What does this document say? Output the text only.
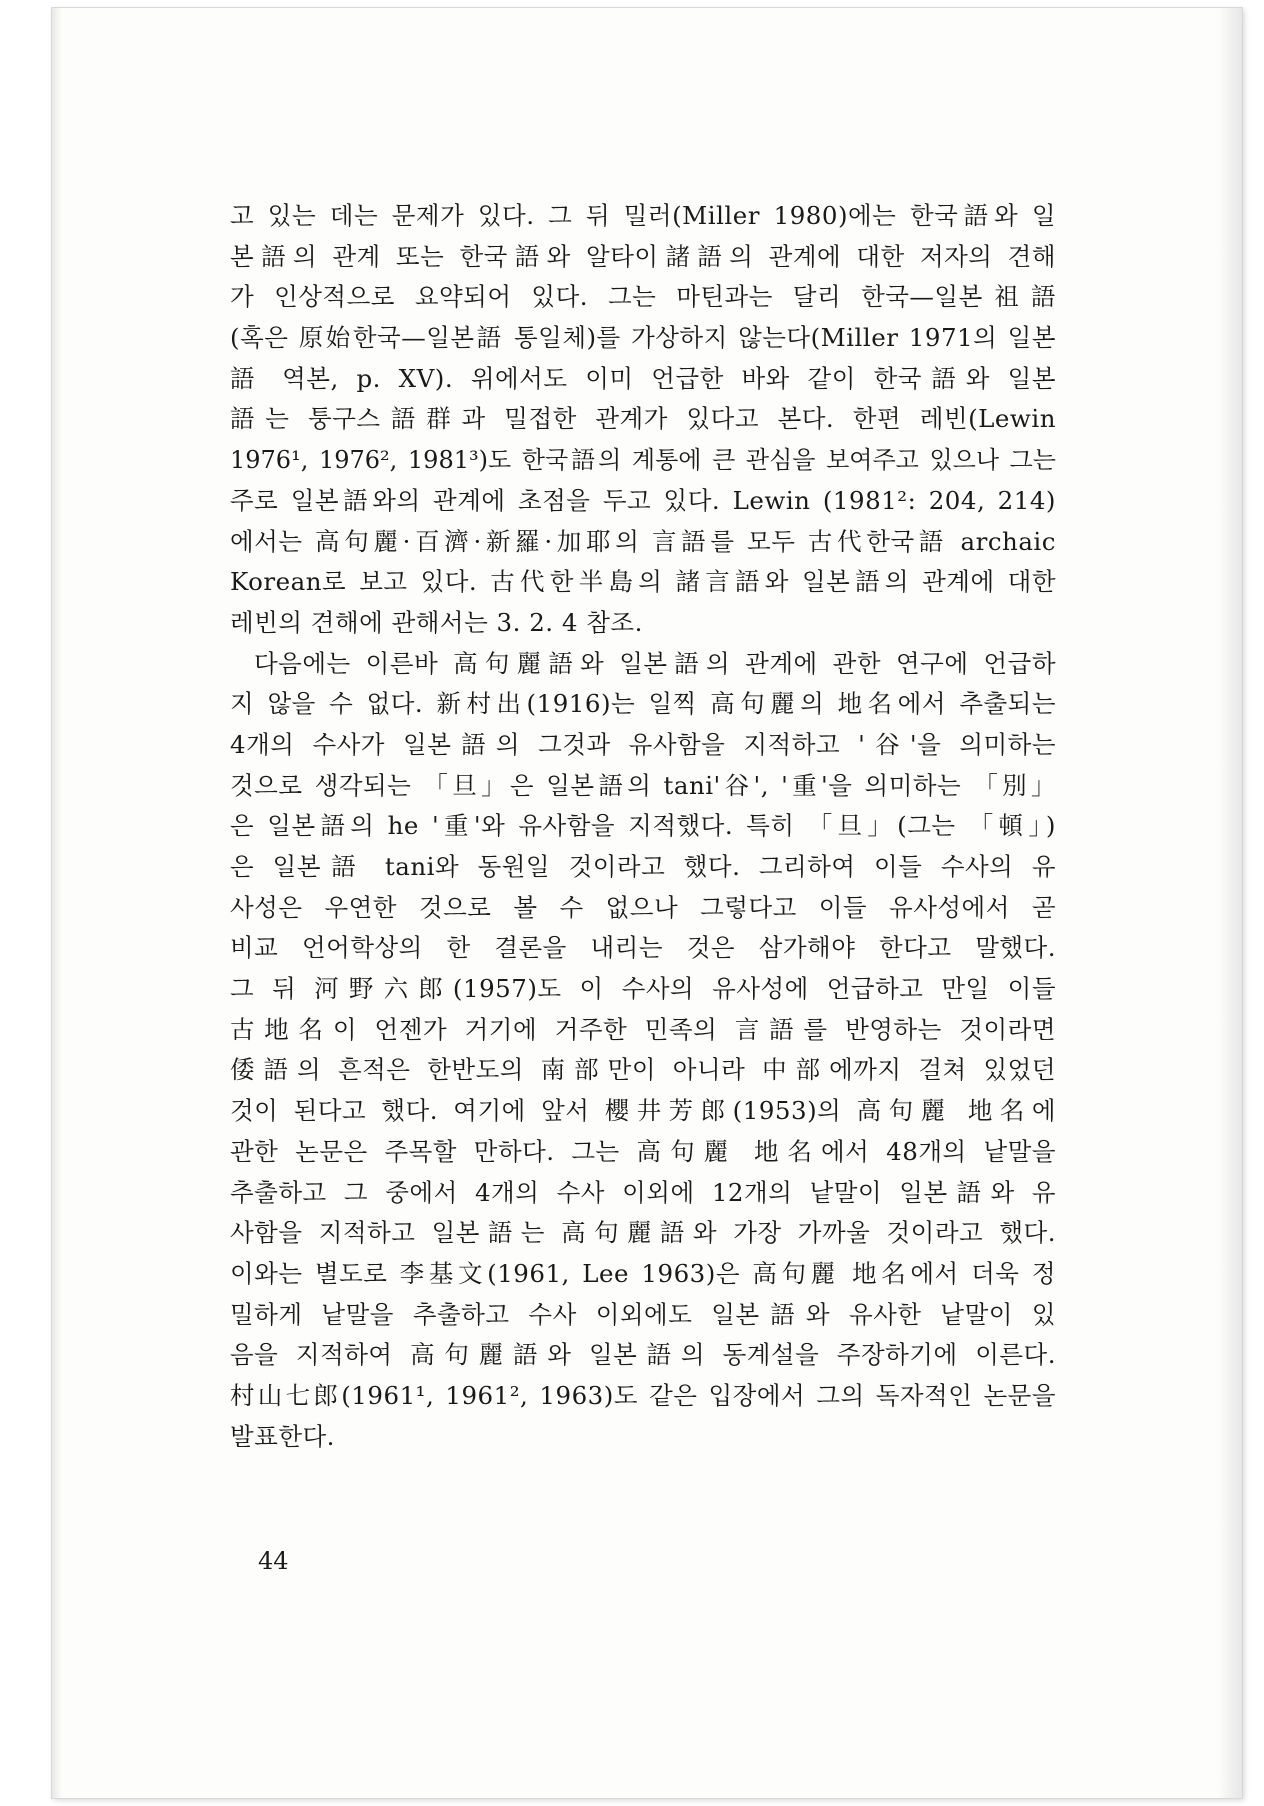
고 있는 데는 문제가 있다. 그 뒤 밀러(Miller 1980)에는 한국語와 일
본語의 관계 또는 한국語와 알타이諸語의 관계에 대한 저자의 견해
가 인상적으로 요약되어 있다. 그는 마틴과는 달리 한국—일본祖語
(혹은 原始한국—일본語 통일체)를 가상하지 않는다(Miller 1971의 일본
語 역본, p. XV). 위에서도 이미 언급한 바와 같이 한국語와 일본
語는 퉁구스語群과 밀접한 관계가 있다고 본다. 한편 레빈(Lewin
1976¹, 1976², 1981³)도 한국語의 계통에 큰 관심을 보여주고 있으나 그는
주로 일본語와의 관계에 초점을 두고 있다. Lewin (1981²: 204, 214)
에서는 高句麗·百濟·新羅·加耶의 言語를 모두 古代한국語 archaic
Korean로 보고 있다. 古代한半島의 諸言語와 일본語의 관계에 대한
레빈의 견해에 관해서는 3. 2. 4 참조.
다음에는 이른바 高句麗語와 일본語의 관계에 관한 연구에 언급하
지 않을 수 없다. 新村出(1916)는 일찍 高句麗의 地名에서 추출되는
4개의 수사가 일본語의 그것과 유사함을 지적하고 '谷'을 의미하는
것으로 생각되는 「旦」은 일본語의 tani'谷', '重'을 의미하는 「別」
은 일본語의 he '重'와 유사함을 지적했다. 특히 「旦」(그는 「頓」)
은 일본語 tani와 동원일 것이라고 했다. 그리하여 이들 수사의 유
사성은 우연한 것으로 볼 수 없으나 그렇다고 이들 유사성에서 곧
비교 언어학상의 한 결론을 내리는 것은 삼가해야 한다고 말했다.
그 뒤 河野六郎(1957)도 이 수사의 유사성에 언급하고 만일 이들
古地名이 언젠가 거기에 거주한 민족의 言語를 반영하는 것이라면
倭語의 흔적은 한반도의 南部만이 아니라 中部에까지 걸쳐 있었던
것이 된다고 했다. 여기에 앞서 櫻井芳郎(1953)의 高句麗 地名에
관한 논문은 주목할 만하다. 그는 高句麗 地名에서 48개의 낱말을
추출하고 그 중에서 4개의 수사 이외에 12개의 낱말이 일본語와 유
사함을 지적하고 일본語는 高句麗語와 가장 가까울 것이라고 했다.
이와는 별도로 李基文(1961, Lee 1963)은 高句麗 地名에서 더욱 정
밀하게 낱말을 추출하고 수사 이외에도 일본語와 유사한 낱말이 있
음을 지적하여 高句麗語와 일본語의 동계설을 주장하기에 이른다.
村山七郎(1961¹, 1961², 1963)도 같은 입장에서 그의 독자적인 논문을
발표한다.
44
